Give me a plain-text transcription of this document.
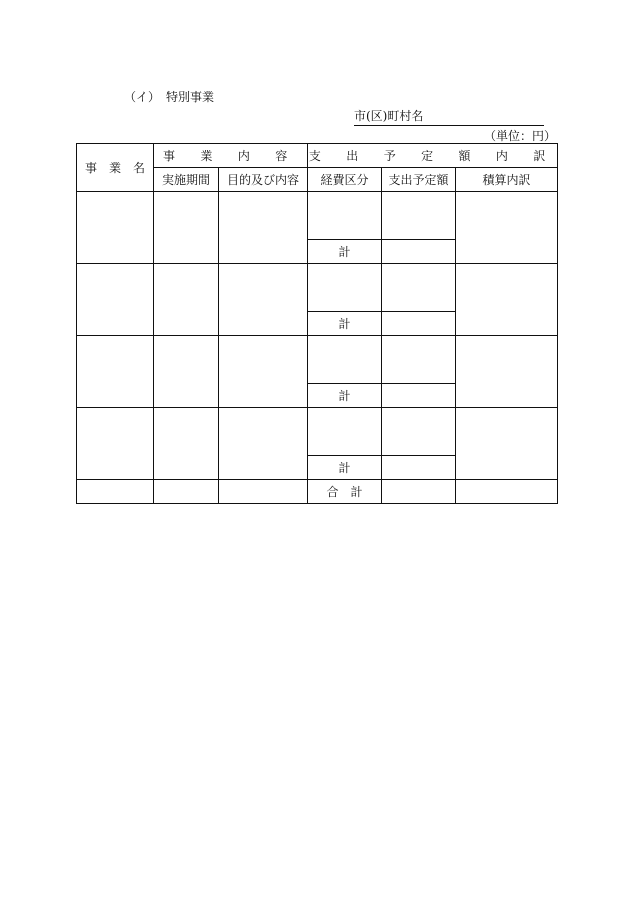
（イ）　特別事業
市(区)町村名
（単位：円）
事　業　名	事 業 内 容		支 出 予 定 額 内 訳		
	実施期間	目的及び内容	経費区分	支出予定額	積算内訳

			計		

			計		

			計		

			計		
			合　計		
